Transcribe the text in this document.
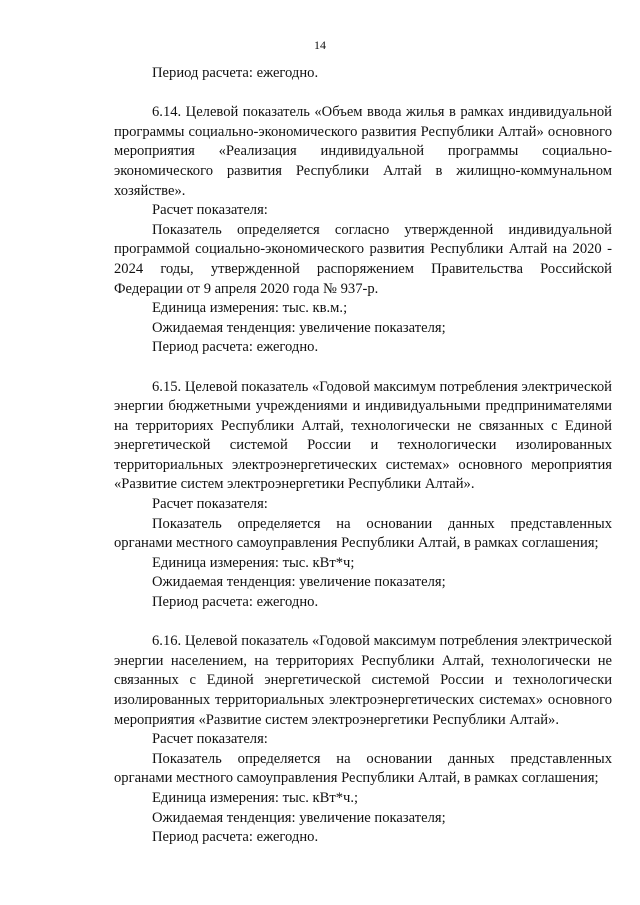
14

Период расчета: ежегодно.

6.14. Целевой показатель «Объем ввода жилья в рамках индивидуальной программы социально-экономического развития Республики Алтай» основного мероприятия «Реализация индивидуальной программы социально-экономического развития Республики Алтай в жилищно-коммунальном хозяйстве».

Расчет показателя:

Показатель определяется согласно утвержденной индивидуальной программой социально-экономического развития Республики Алтай на 2020 - 2024 годы, утвержденной распоряжением Правительства Российской Федерации от 9 апреля 2020 года № 937-р.

Единица измерения: тыс. кв.м.;

Ожидаемая тенденция: увеличение показателя;

Период расчета: ежегодно.

6.15. Целевой показатель «Годовой максимум потребления электрической энергии бюджетными учреждениями и индивидуальными предпринимателями на территориях Республики Алтай, технологически не связанных с Единой энергетической системой России и технологически изолированных территориальных электроэнергетических системах» основного мероприятия «Развитие систем электроэнергетики Республики Алтай».

Расчет показателя:

Показатель определяется на основании данных представленных органами местного самоуправления Республики Алтай, в рамках соглашения;

Единица измерения: тыс. кВт*ч;

Ожидаемая тенденция: увеличение показателя;

Период расчета: ежегодно.

6.16. Целевой показатель «Годовой максимум потребления электрической энергии населением, на территориях Республики Алтай, технологически не связанных с Единой энергетической системой России и технологически изолированных территориальных электроэнергетических системах» основного мероприятия «Развитие систем электроэнергетики Республики Алтай».

Расчет показателя:

Показатель определяется на основании данных представленных органами местного самоуправления Республики Алтай, в рамках соглашения;

Единица измерения: тыс. кВт*ч.;

Ожидаемая тенденция: увеличение показателя;

Период расчета: ежегодно.
